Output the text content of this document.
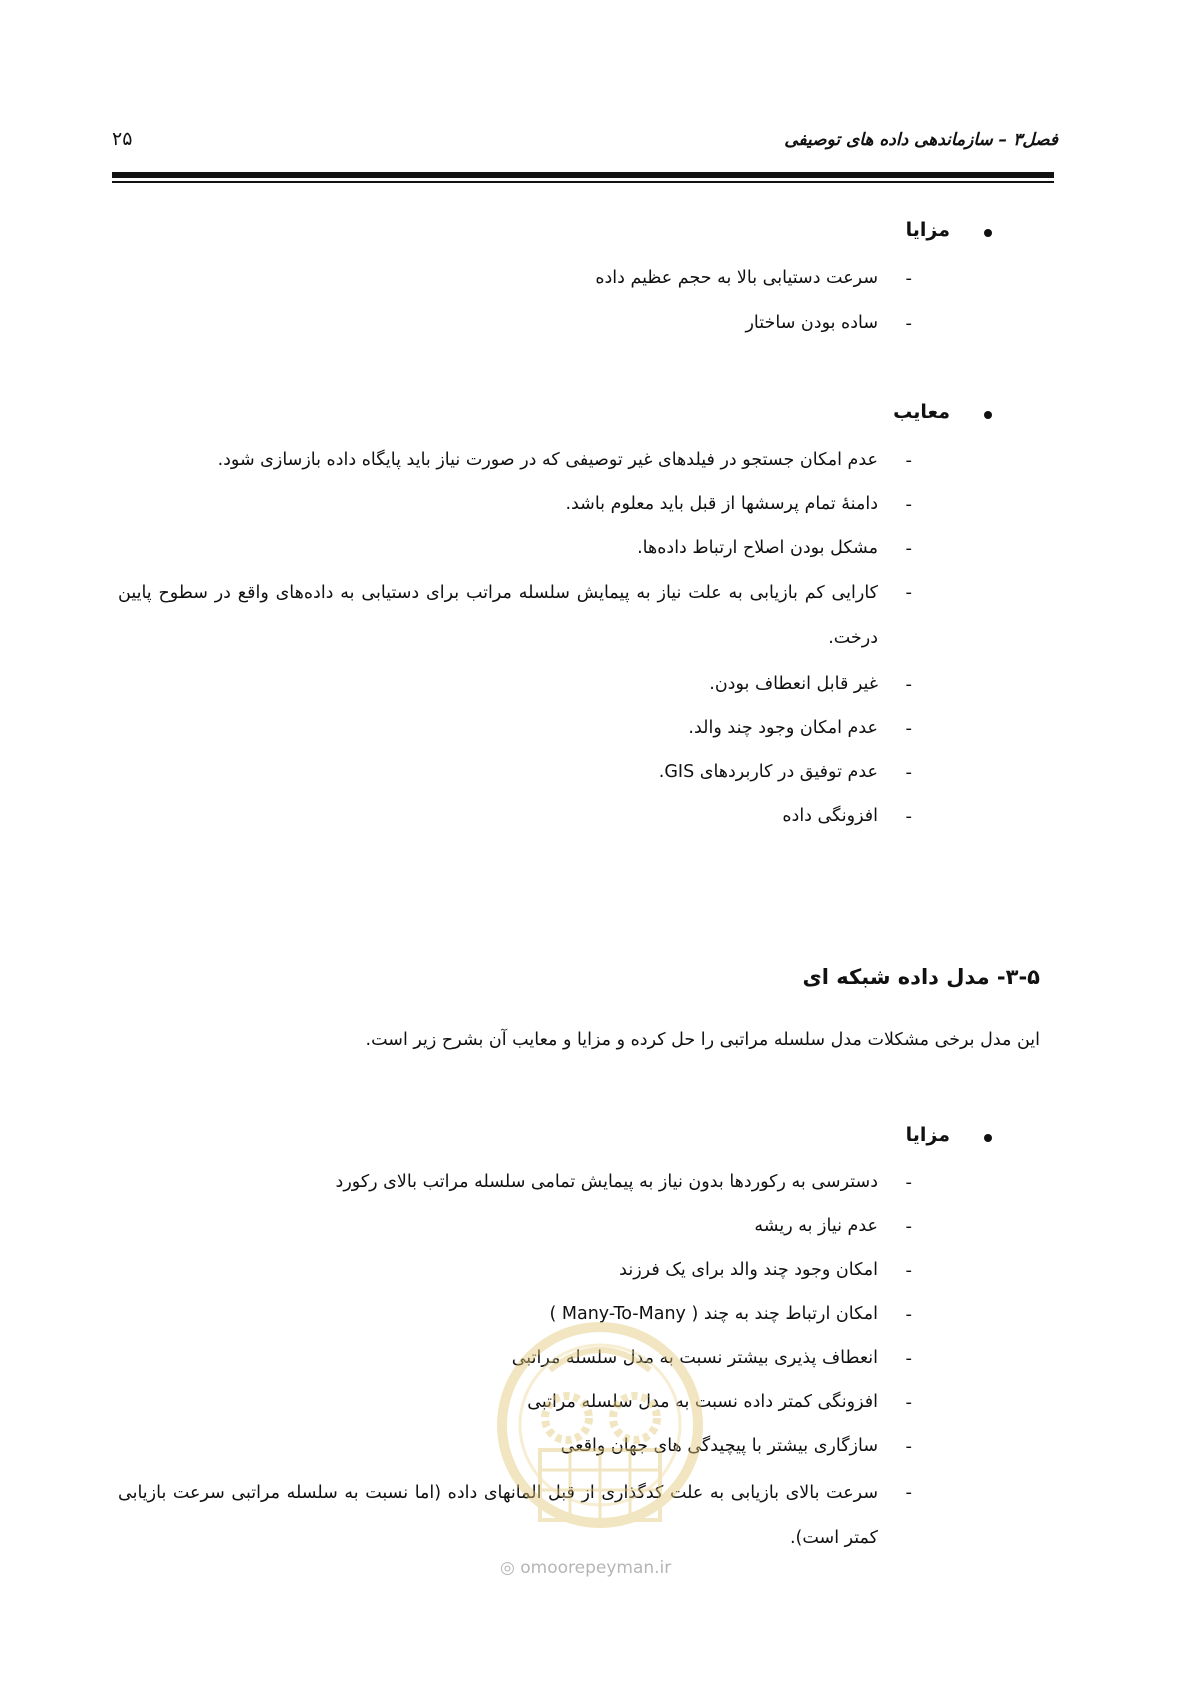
فصل۳ – سازماندهی داده های توصیفی
۲۵
مزایا
-
سرعت دستیابی بالا به حجم عظیم داده
-
ساده بودن ساختار
معایب
-
عدم امکان جستجو در فیلدهای غیر توصیفی که در صورت نیاز باید پایگاه داده بازسازی شود.
-
دامنهٔ تمام پرسشها از قبل باید معلوم باشد.
-
مشکل بودن اصلاح ارتباط داده‌ها.
-
کارایی کم بازیابی به علت نیاز به پیمایش سلسله مراتب برای دستیابی به داده‌های واقع در سطوح پایین درخت.
-
غیر قابل انعطاف بودن.
-
عدم امکان وجود چند والد.
-
عدم توفیق در کاربردهای GIS.
-
افزونگی داده
۳-۵- مدل داده شبکه ای
این مدل برخی مشکلات مدل سلسله مراتبی را حل کرده و مزایا و معایب آن بشرح زیر است.
مزایا
-
دسترسی به رکوردها بدون نیاز به پیمایش تمامی سلسله مراتب بالای رکورد
-
عدم نیاز به ریشه
-
امکان وجود چند والد برای یک فرزند
-
امکان ارتباط چند به چند ( Many-To-Many )
-
انعطاف پذیری بیشتر نسبت به مدل سلسله مراتبی
-
افزونگی کمتر داده نسبت به مدل سلسله مراتبی
-
سازگاری بیشتر با پیچیدگی های جهان واقعی
-
سرعت بالای بازیابی به علت کدگذاری از قبل المانهای داده (اما نسبت به سلسله مراتبی سرعت بازیابی کمتر است).
◎ omoorepeyman.ir
